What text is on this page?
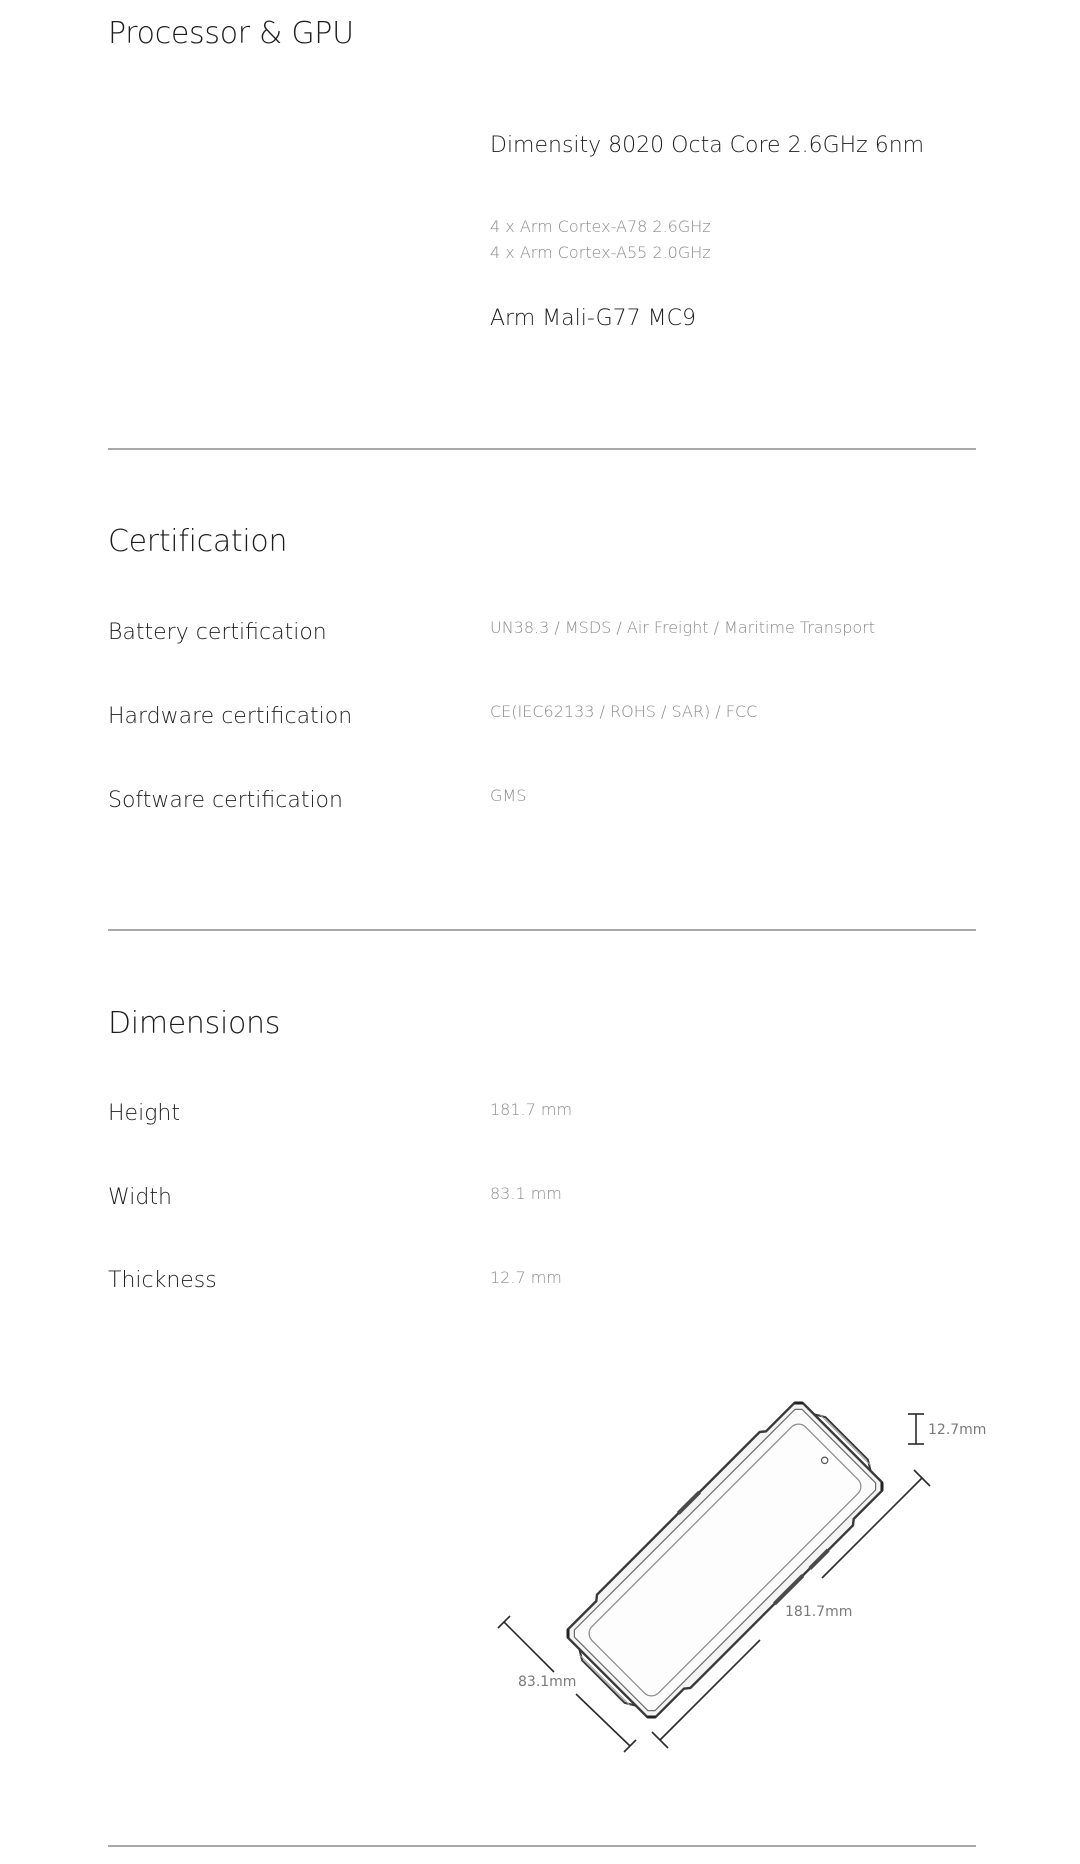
Processor & GPU
Dimensity 8020 Octa Core 2.6GHz 6nm
4 x Arm Cortex-A78 2.6GHz
4 x Arm Cortex-A55 2.0GHz
Arm Mali-G77 MC9
Certification
Battery certification	UN38.3 / MSDS / Air Freight / Maritime Transport
Hardware certification	CE(IEC62133 / ROHS / SAR) / FCC
Software certification	GMS
Dimensions
Height	181.7 mm
Width	83.1 mm
Thickness	12.7 mm
12.7mm
181.7mm
83.1mm
